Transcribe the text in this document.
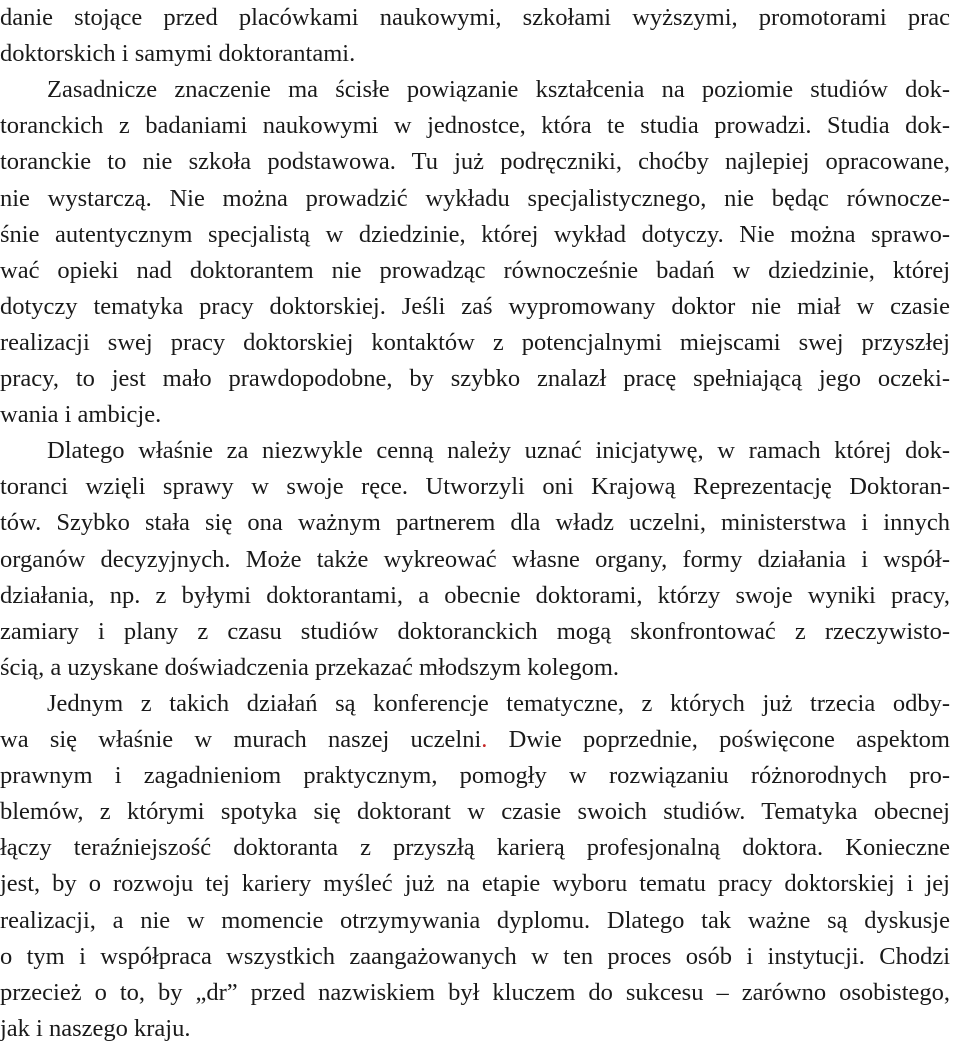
danie stojące przed placówkami naukowymi, szkołami wyższymi, promotorami prac
doktorskich i samymi doktorantami.
Zasadnicze znaczenie ma ścisłe powiązanie kształcenia na poziomie studiów dok-
toranckich z badaniami naukowymi w jednostce, która te studia prowadzi. Studia dok-
toranckie to nie szkoła podstawowa. Tu już podręczniki, choćby najlepiej opracowane,
nie wystarczą. Nie można prowadzić wykładu specjalistycznego, nie będąc równocze-
śnie autentycznym specjalistą w dziedzinie, której wykład dotyczy. Nie można sprawo-
wać opieki nad doktorantem nie prowadząc równocześnie badań w dziedzinie, której
dotyczy tematyka pracy doktorskiej. Jeśli zaś wypromowany doktor nie miał w czasie
realizacji swej pracy doktorskiej kontaktów z potencjalnymi miejscami swej przyszłej
pracy, to jest mało prawdopodobne, by szybko znalazł pracę spełniającą jego oczeki-
wania i ambicje.
Dlatego właśnie za niezwykle cenną należy uznać inicjatywę, w ramach której dok-
toranci wzięli sprawy w swoje ręce. Utworzyli oni Krajową Reprezentację Doktoran-
tów. Szybko stała się ona ważnym partnerem dla władz uczelni, ministerstwa i innych
organów decyzyjnych. Może także wykreować własne organy, formy działania i współ-
działania, np. z byłymi doktorantami, a obecnie doktorami, którzy swoje wyniki pracy,
zamiary i plany z czasu studiów doktoranckich mogą skonfrontować z rzeczywisto-
ścią, a uzyskane doświadczenia przekazać młodszym kolegom.
Jednym z takich działań są konferencje tematyczne, z których już trzecia odby-
wa się właśnie w murach naszej uczelni. Dwie poprzednie, poświęcone aspektom
prawnym i zagadnieniom praktycznym, pomogły w rozwiązaniu różnorodnych pro-
blemów, z którymi spotyka się doktorant w czasie swoich studiów. Tematyka obecnej
łączy teraźniejszość doktoranta z przyszłą karierą profesjonalną doktora. Konieczne
jest, by o rozwoju tej kariery myśleć już na etapie wyboru tematu pracy doktorskiej i jej
realizacji, a nie w momencie otrzymywania dyplomu. Dlatego tak ważne są dyskusje
o tym i współpraca wszystkich zaangażowanych w ten proces osób i instytucji. Chodzi
przecież o to, by „dr” przed nazwiskiem był kluczem do sukcesu – zarówno osobistego,
jak i naszego kraju.
